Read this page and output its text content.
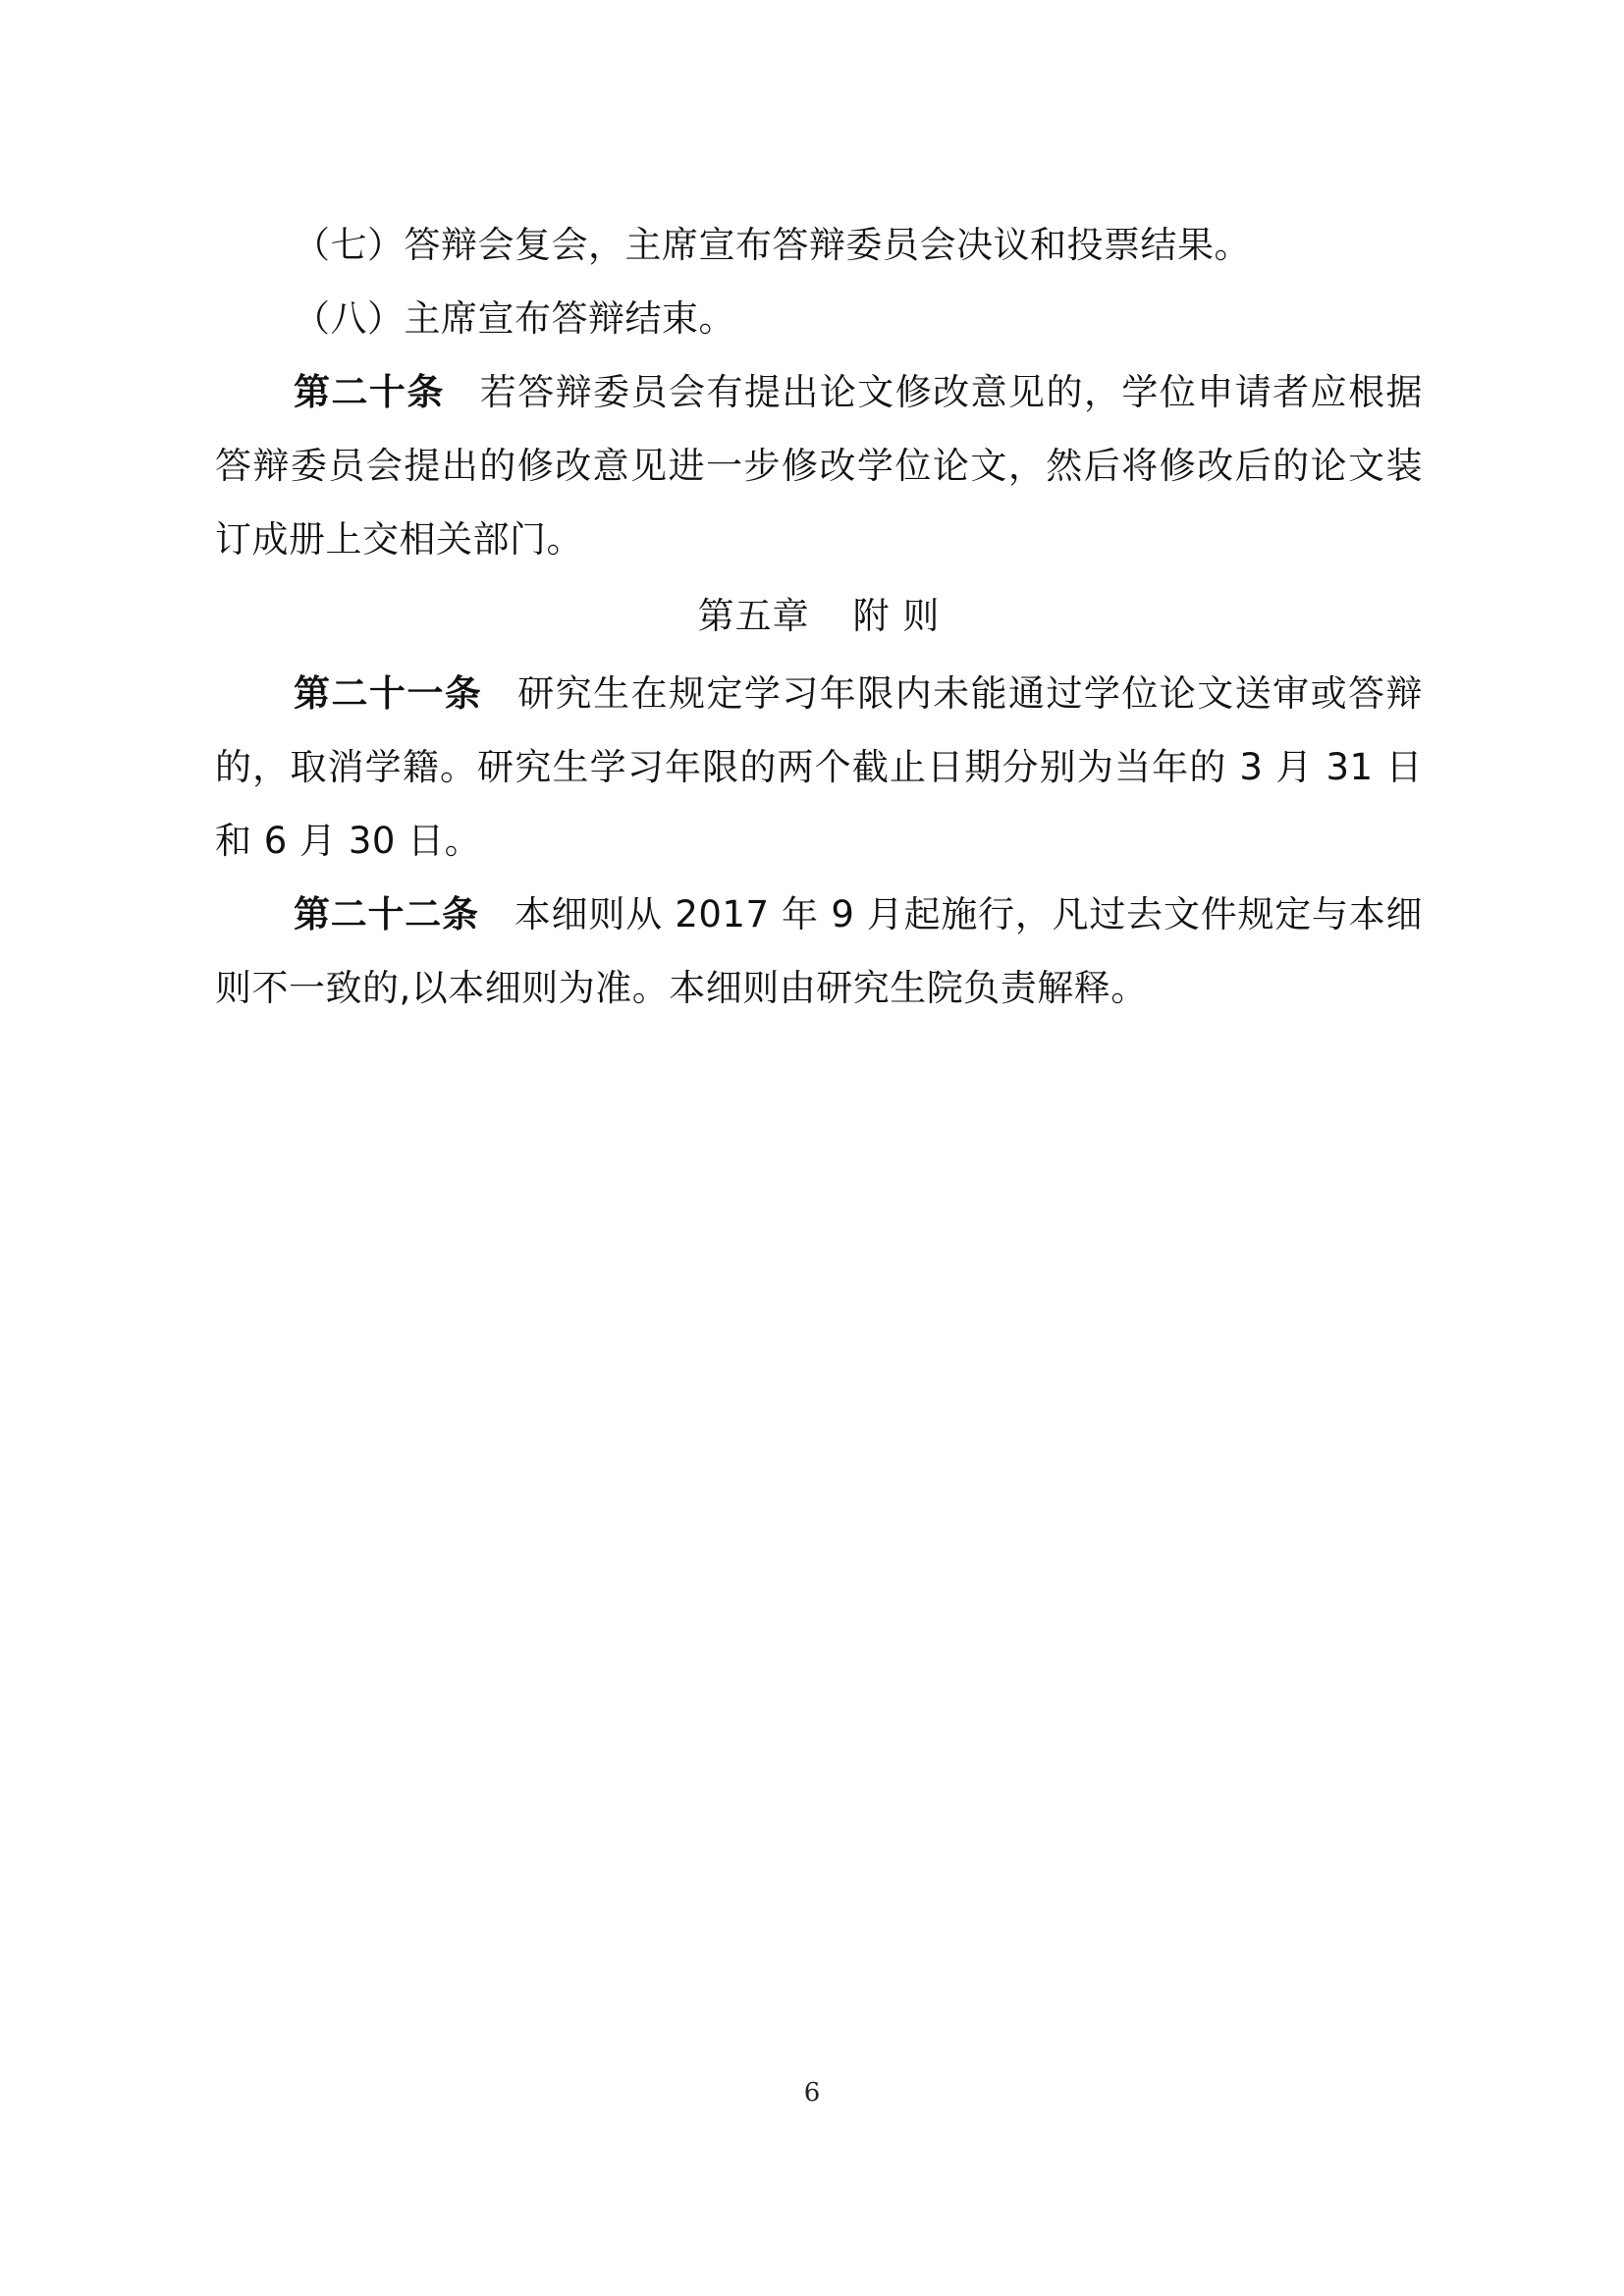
（七）答辩会复会，主席宣布答辩委员会决议和投票结果。

（八）主席宣布答辩结束。

第二十条 若答辩委员会有提出论文修改意见的，学位申请者应根据答辩委员会提出的修改意见进一步修改学位论文，然后将修改后的论文装订成册上交相关部门。

第五章 附 则

第二十一条 研究生在规定学习年限内未能通过学位论文送审或答辩的，取消学籍。研究生学习年限的两个截止日期分别为当年的 3 月 31 日和 6 月 30 日。

第二十二条 本细则从 2017 年 9 月起施行，凡过去文件规定与本细则不一致的,以本细则为准。本细则由研究生院负责解释。

6
